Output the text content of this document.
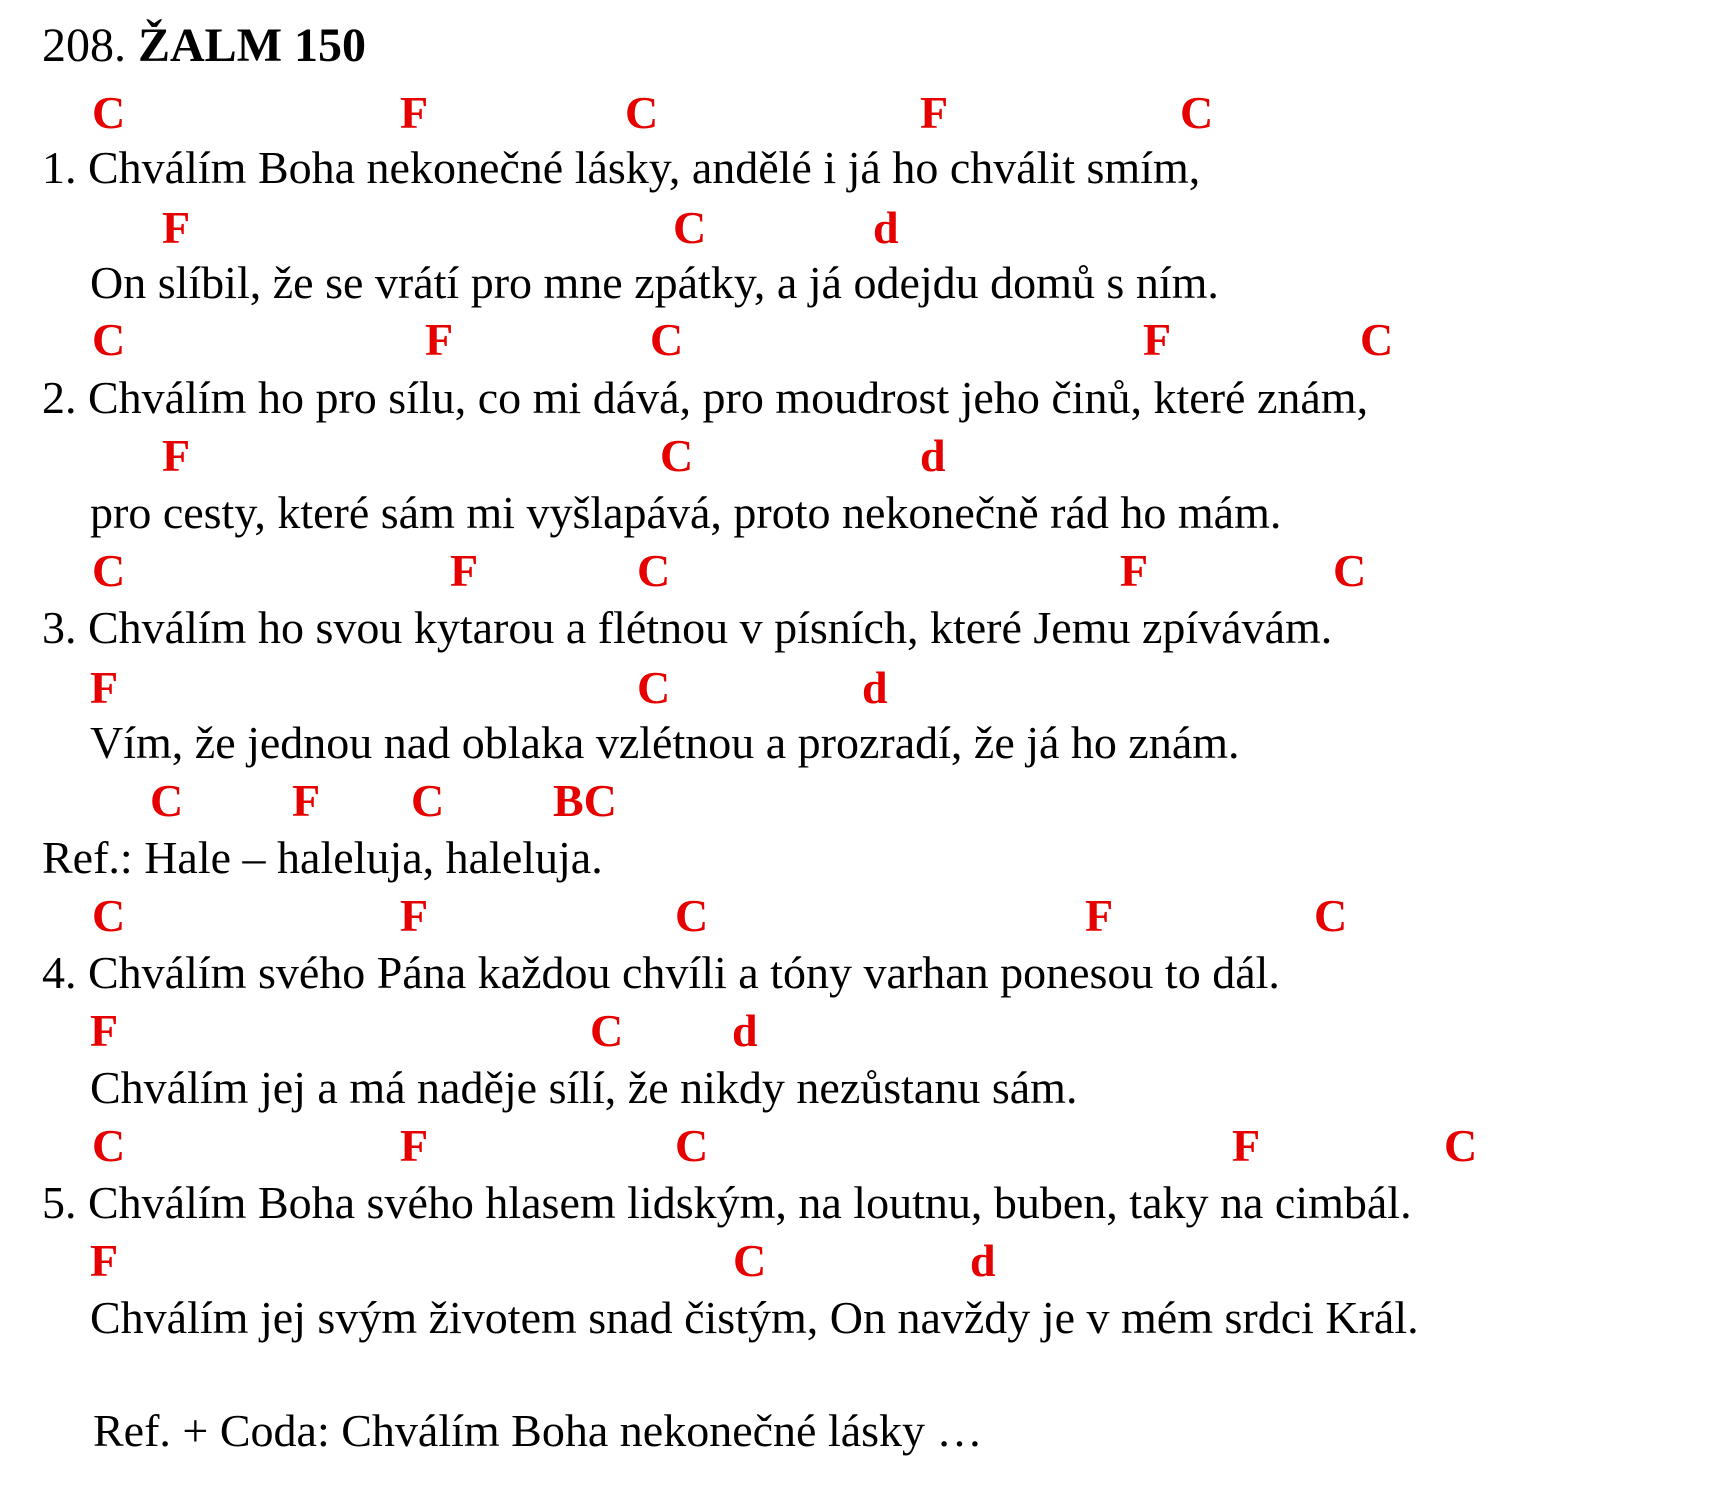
208. ŽALM 150
C	F	C	F	C
1. Chválím Boha nekonečné lásky, andělé i já ho chválit smím,
F	C	d
On slíbil, že se vrátí pro mne zpátky, a já odejdu domů s ním.
C	F	C	F	C
2. Chválím ho pro sílu, co mi dává, pro moudrost jeho činů, které znám,
F	C	d
pro cesty, které sám mi vyšlapává, proto nekonečně rád ho mám.
C	F	C	F	C
3. Chválím ho svou kytarou a flétnou v písních, které Jemu zpívávám.
F	C	d
Vím, že jednou nad oblaka vzlétnou a prozradí, že já ho znám.
C F C BC
Ref.: Hale – haleluja, haleluja.
C	F	C	F	C
4. Chválím svého Pána každou chvíli a tóny varhan ponesou to dál.
F	C d
Chválím jej a má naděje sílí, že nikdy nezůstanu sám.
C	F	C	F	C
5. Chválím Boha svého hlasem lidským, na loutnu, buben, taky na cimbál.
F	C	d
Chválím jej svým životem snad čistým, On navždy je v mém srdci Král.
Ref. + Coda: Chválím Boha nekonečné lásky …
